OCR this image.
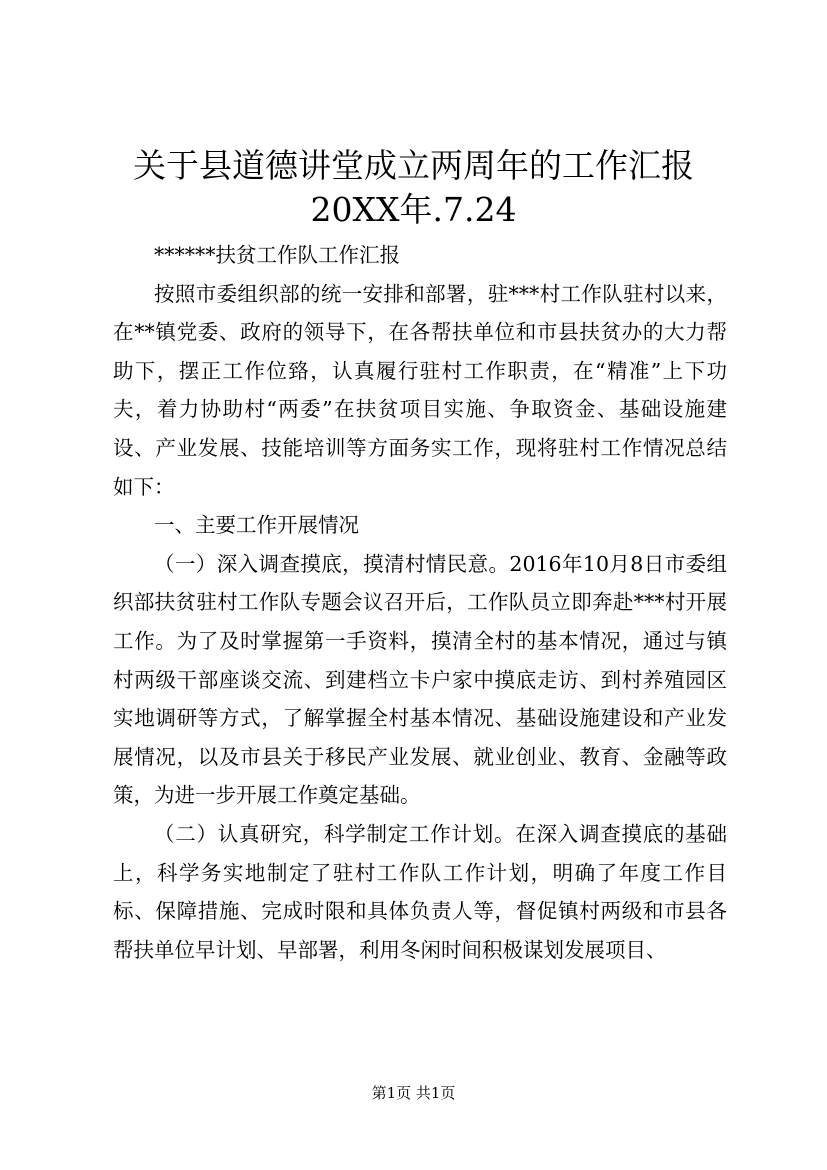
关于县道德讲堂成立两周年的工作汇报20XX年.7.24

******扶贫工作队工作汇报

按照市委组织部的统一安排和部署，驻***村工作队驻村以来，在**镇党委、政府的领导下，在各帮扶单位和市县扶贫办的大力帮助下，摆正工作位臵，认真履行驻村工作职责，在“精准”上下功夫，着力协助村“两委”在扶贫项目实施、争取资金、基础设施建设、产业发展、技能培训等方面务实工作，现将驻村工作情况总结如下：

一、主要工作开展情况

（一）深入调查摸底，摸清村情民意。2016年10月8日市委组织部扶贫驻村工作队专题会议召开后，工作队员立即奔赴***村开展工作。为了及时掌握第一手资料，摸清全村的基本情况，通过与镇村两级干部座谈交流、到建档立卡户家中摸底走访、到村养殖园区实地调研等方式，了解掌握全村基本情况、基础设施建设和产业发展情况，以及市县关于移民产业发展、就业创业、教育、金融等政策，为进一步开展工作奠定基础。

（二）认真研究，科学制定工作计划。在深入调查摸底的基础上，科学务实地制定了驻村工作队工作计划，明确了年度工作目标、保障措施、完成时限和具体负责人等，督促镇村两级和市县各帮扶单位早计划、早部署，利用冬闲时间积极谋划发展项目、

第1页 共1页
